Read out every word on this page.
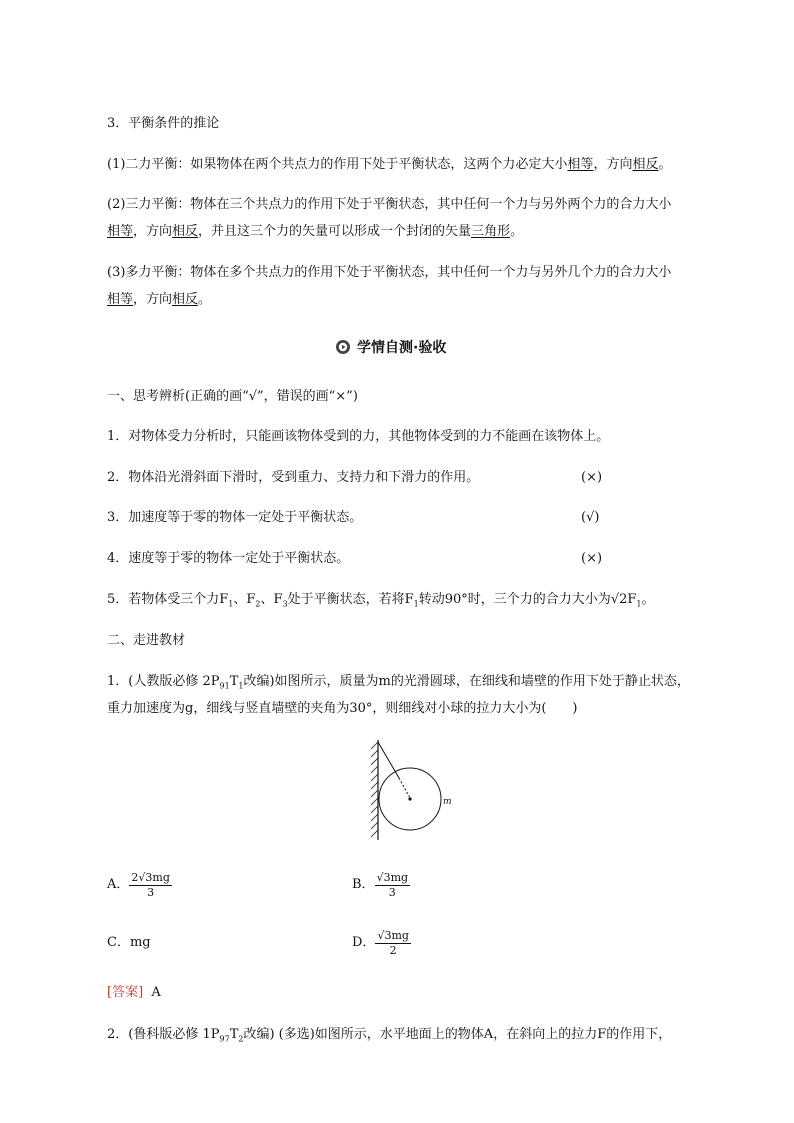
3．平衡条件的推论
(1)二力平衡：如果物体在两个共点力的作用下处于平衡状态，这两个力必定大小相等，方向相反。
(2)三力平衡：物体在三个共点力的作用下处于平衡状态，其中任何一个力与另外两个力的合力大小
相等，方向相反，并且这三个力的矢量可以形成一个封闭的矢量三角形。
(3)多力平衡：物体在多个共点力的作用下处于平衡状态，其中任何一个力与另外几个力的合力大小
相等，方向相反。
学情自测·验收
一、思考辨析(正确的画“√”，错误的画“×”)
1．对物体受力分析时，只能画该物体受到的力，其他物体受到的力不能画在该物体上。
2．物体沿光滑斜面下滑时，受到重力、支持力和下滑力的作用。	(×)
3．加速度等于零的物体一定处于平衡状态。	(√)
4．速度等于零的物体一定处于平衡状态。	(×)
5．若物体受三个力$F_1$、$F_2$、$F_3$处于平衡状态，若将$F_1$转动90°时，三个力的合力大小为$√2F_1$。
二、走进教材
1．(人教版必修 $2P_{91}T_1$改编)如图所示，质量为m的光滑圆球，在细线和墙壁的作用下处于静止状态，
重力加速度为g，细线与竖直墙壁的夹角为30°，则细线对小球的拉力大小为(　　)
m
A． $\frac{2√3mg}{3}$	B． $\frac{√3mg}{3}$
C．mg	D． $\frac{√3mg}{2}$
[答案] A
2．(鲁科版必修 $1P_{97}T_2$改编) (多选)如图所示，水平地面上的物体A，在斜向上的拉力F的作用下，
